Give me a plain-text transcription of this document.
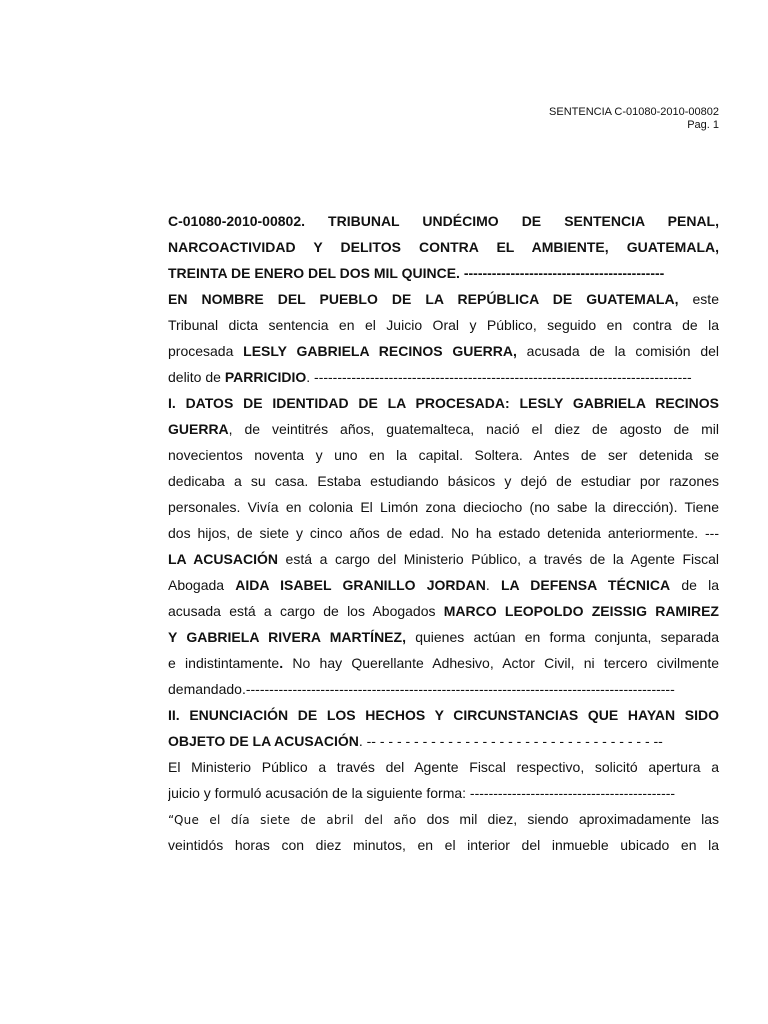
SENTENCIA C-01080-2010-00802
Pag. 1
C-01080-2010-00802. TRIBUNAL UNDÉCIMO DE SENTENCIA PENAL,
NARCOACTIVIDAD Y DELITOS CONTRA EL AMBIENTE, GUATEMALA,
TREINTA DE ENERO DEL DOS MIL QUINCE. -------------------------------------------
EN NOMBRE DEL PUEBLO DE LA REPÚBLICA DE GUATEMALA, este
Tribunal dicta sentencia en el Juicio Oral y Público, seguido en contra de la
procesada LESLY GABRIELA RECINOS GUERRA, acusada de la comisión del
delito de PARRICIDIO. ---------------------------------------------------------------------------------
I. DATOS DE IDENTIDAD DE LA PROCESADA: LESLY GABRIELA RECINOS
GUERRA, de veintitrés años, guatemalteca, nació el diez de agosto de mil
novecientos noventa y uno en la capital. Soltera. Antes de ser detenida se
dedicaba a su casa. Estaba estudiando básicos y dejó de estudiar por razones
personales. Vivía en colonia El Limón zona dieciocho (no sabe la dirección). Tiene
dos hijos, de siete y cinco años de edad. No ha estado detenida anteriormente. ---
LA ACUSACIÓN está a cargo del Ministerio Público, a través de la Agente Fiscal
Abogada AIDA ISABEL GRANILLO JORDAN. LA DEFENSA TÉCNICA de la
acusada está a cargo de los Abogados MARCO LEOPOLDO ZEISSIG RAMIREZ
Y GABRIELA RIVERA MARTÍNEZ, quienes actúan en forma conjunta, separada
e indistintamente. No hay Querellante Adhesivo, Actor Civil, ni tercero civilmente
demandado.--------------------------------------------------------------------------------------------
II. ENUNCIACIÓN DE LOS HECHOS Y CIRCUNSTANCIAS QUE HAYAN SIDO
OBJETO DE LA ACUSACIÓN. -- - - - - - - - - - - - - - - - - - - - - - - - - - - - - - - - - --
El Ministerio Público a través del Agente Fiscal respectivo, solicitó apertura a
juicio y formuló acusación de la siguiente forma: --------------------------------------------
“Que el día siete de abril del año dos mil diez, siendo aproximadamente las
veintidós horas con diez minutos, en el interior del inmueble ubicado en la
